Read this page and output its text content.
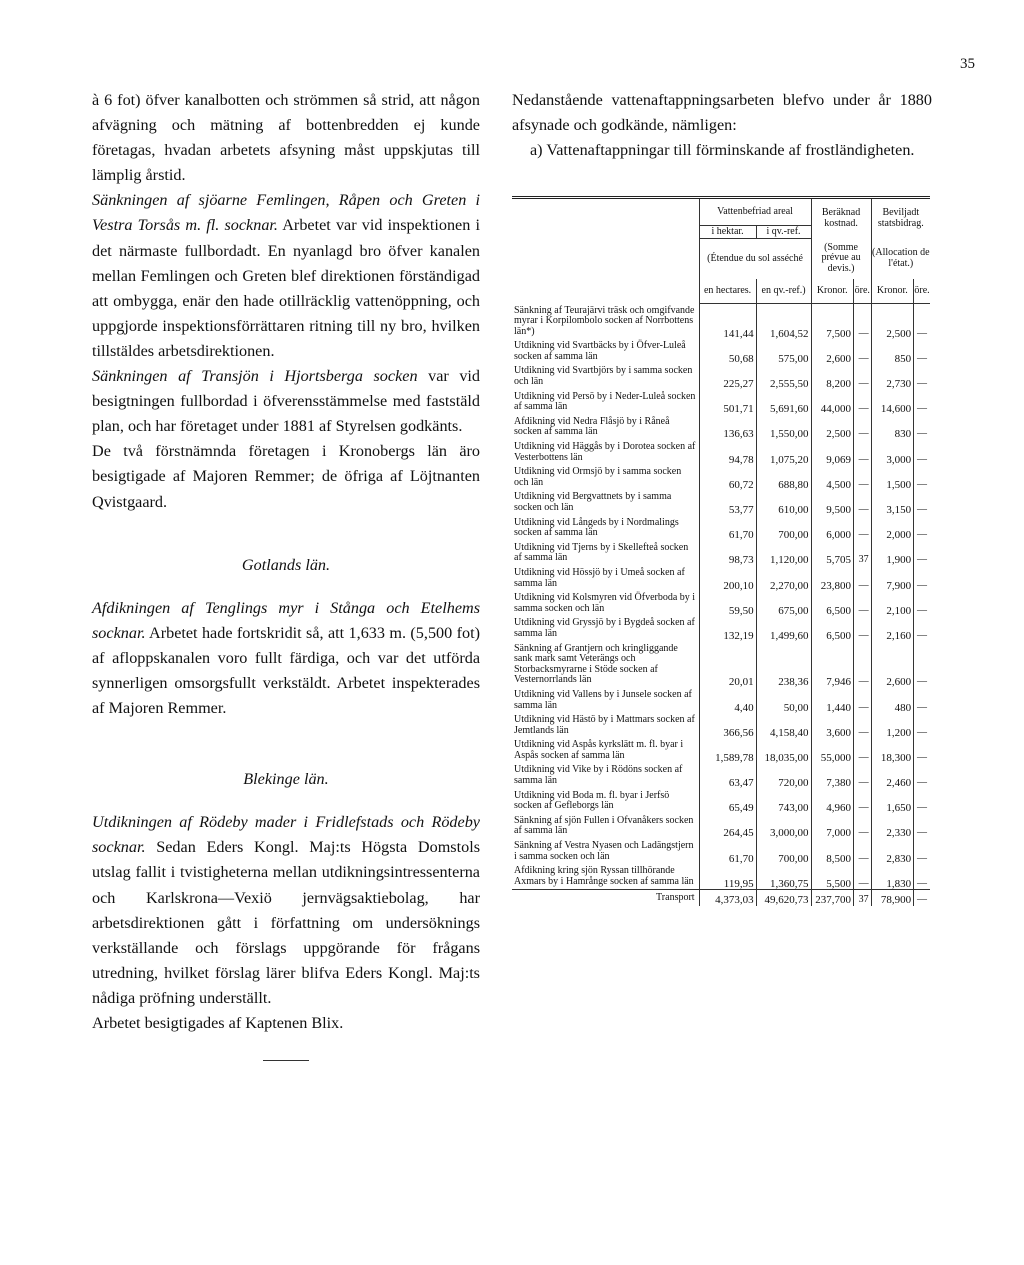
35

à 6 fot) öfver kanalbotten och strömmen så strid, att någon afvägning och mätning af bottenbredden ej kunde företagas, hvadan arbetets afsyning måst uppskjutas till lämplig årstid.

Sänkningen af sjöarne Femlingen, Råpen och Greten i Vestra Torsås m. fl. socknar. Arbetet var vid inspektionen i det närmaste fullbordadt. En nyanlagd bro öfver kanalen mellan Femlingen och Greten blef direktionen förständigad att ombygga, enär den hade otillräcklig vattenöppning, och uppgjorde inspektionsförrättaren ritning till ny bro, hvilken tillstäldes arbetsdirektionen.

Sänkningen af Transjön i Hjortsberga socken var vid besigtningen fullbordad i öfverensstämmelse med faststäld plan, och har företaget under 1881 af Styrelsen godkänts.

De två förstnämnda företagen i Kronobergs län äro besigtigade af Majoren Remmer; de öfriga af Löjtnanten Qvistgaard.

Gotlands län.

Afdikningen af Tenglings myr i Stånga och Etelhems socknar. Arbetet hade fortskridit så, att 1,633 m. (5,500 fot) af afloppskanalen voro fullt färdiga, och var det utförda synnerligen omsorgsfullt verkstäldt. Arbetet inspekterades af Majoren Remmer.

Blekinge län.

Utdikningen af Rödeby mader i Fridlefstads och Rödeby socknar. Sedan Eders Kongl. Maj:ts Högsta Domstols utslag fallit i tvistigheterna mellan utdikningsintressenterna och Karlskrona—Vexiö jernvägsaktiebolag, har arbetsdirektionen gått i författning om undersöknings verkställande och förslags uppgörande för frågans utredning, hvilket förslag lärer blifva Eders Kongl. Maj:ts nådiga pröfning underställt.

Arbetet besigtigades af Kaptenen Blix.

Nedanstående vattenaftappningsarbeten blefvo under år 1880 afsynade och godkände, nämligen:

a) Vattenaftappningar till förminskande af frostländigheten.

	Vattenbefriad areal		Beräknad kostnad.		Beviljadt statsbidrag.	
	i hektar.	i qv.-ref.				
	(Étendue du sol asséché		(Somme prévue au devis.)		(Allocation de l'état.)	
	en hectares.	en qv.-ref.)	Kronor.	öre.	Kronor.	öre.
Sänkning af Teurajärvi träsk och omgifvande myrar i Korpilombolo socken af Norrbottens län*)	141,44	1,604,52	7,500	—	2,500	—
Utdikning vid Svartbäcks by i Öfver-Luleå socken af samma län	50,68	575,00	2,600	—	850	—
Utdikning vid Svartbjörs by i samma socken och län	225,27	2,555,50	8,200	—	2,730	—
Utdikning vid Persö by i Neder-Luleå socken af samma län	501,71	5,691,60	44,000	—	14,600	—
Afdikning vid Nedra Flåsjö by i Råneå socken af samma län	136,63	1,550,00	2,500	—	830	—
Utdikning vid Häggås by i Dorotea socken af Vesterbottens län	94,78	1,075,20	9,069	—	3,000	—
Utdikning vid Ormsjö by i samma socken och län	60,72	688,80	4,500	—	1,500	—
Utdikning vid Bergvattnets by i samma socken och län	53,77	610,00	9,500	—	3,150	—
Utdikning vid Långeds by i Nordmalings socken af samma län	61,70	700,00	6,000	—	2,000	—
Utdikning vid Tjerns by i Skellefteå socken af samma län	98,73	1,120,00	5,705	37	1,900	—
Utdikning vid Hössjö by i Umeå socken af samma län	200,10	2,270,00	23,800	—	7,900	—
Utdikning vid Kolsmyren vid Öfverboda by i samma socken och län	59,50	675,00	6,500	—	2,100	—
Utdikning vid Gryssjö by i Bygdeå socken af samma län	132,19	1,499,60	6,500	—	2,160	—
Sänkning af Grantjern och kringliggande sank mark samt Veterängs och Storbacksmyrarne i Stöde socken af Vesternorrlands län	20,01	238,36	7,946	—	2,600	—
Utdikning vid Vallens by i Junsele socken af samma län	4,40	50,00	1,440	—	480	—
Utdikning vid Hästö by i Mattmars socken af Jemtlands län	366,56	4,158,40	3,600	—	1,200	—
Utdikning vid Aspås kyrkslätt m. fl. byar i Aspås socken af samma län	1,589,78	18,035,00	55,000	—	18,300	—
Utdikning vid Vike by i Rödöns socken af samma län	63,47	720,00	7,380	—	2,460	—
Utdikning vid Boda m. fl. byar i Jerfsö socken af Gefleborgs län	65,49	743,00	4,960	—	1,650	—
Sänkning af sjön Fullen i Ofvanåkers socken af samma län	264,45	3,000,00	7,000	—	2,330	—
Sänkning af Vestra Nyasen och Ladängstjern i samma socken och län	61,70	700,00	8,500	—	2,830	—
Afdikning kring sjön Ryssan tillhörande Axmars by i Hamrånge socken af samma län	119,95	1,360,75	5,500	—	1,830	—
Transport	4,373,03	49,620,73	237,700	37	78,900	—
